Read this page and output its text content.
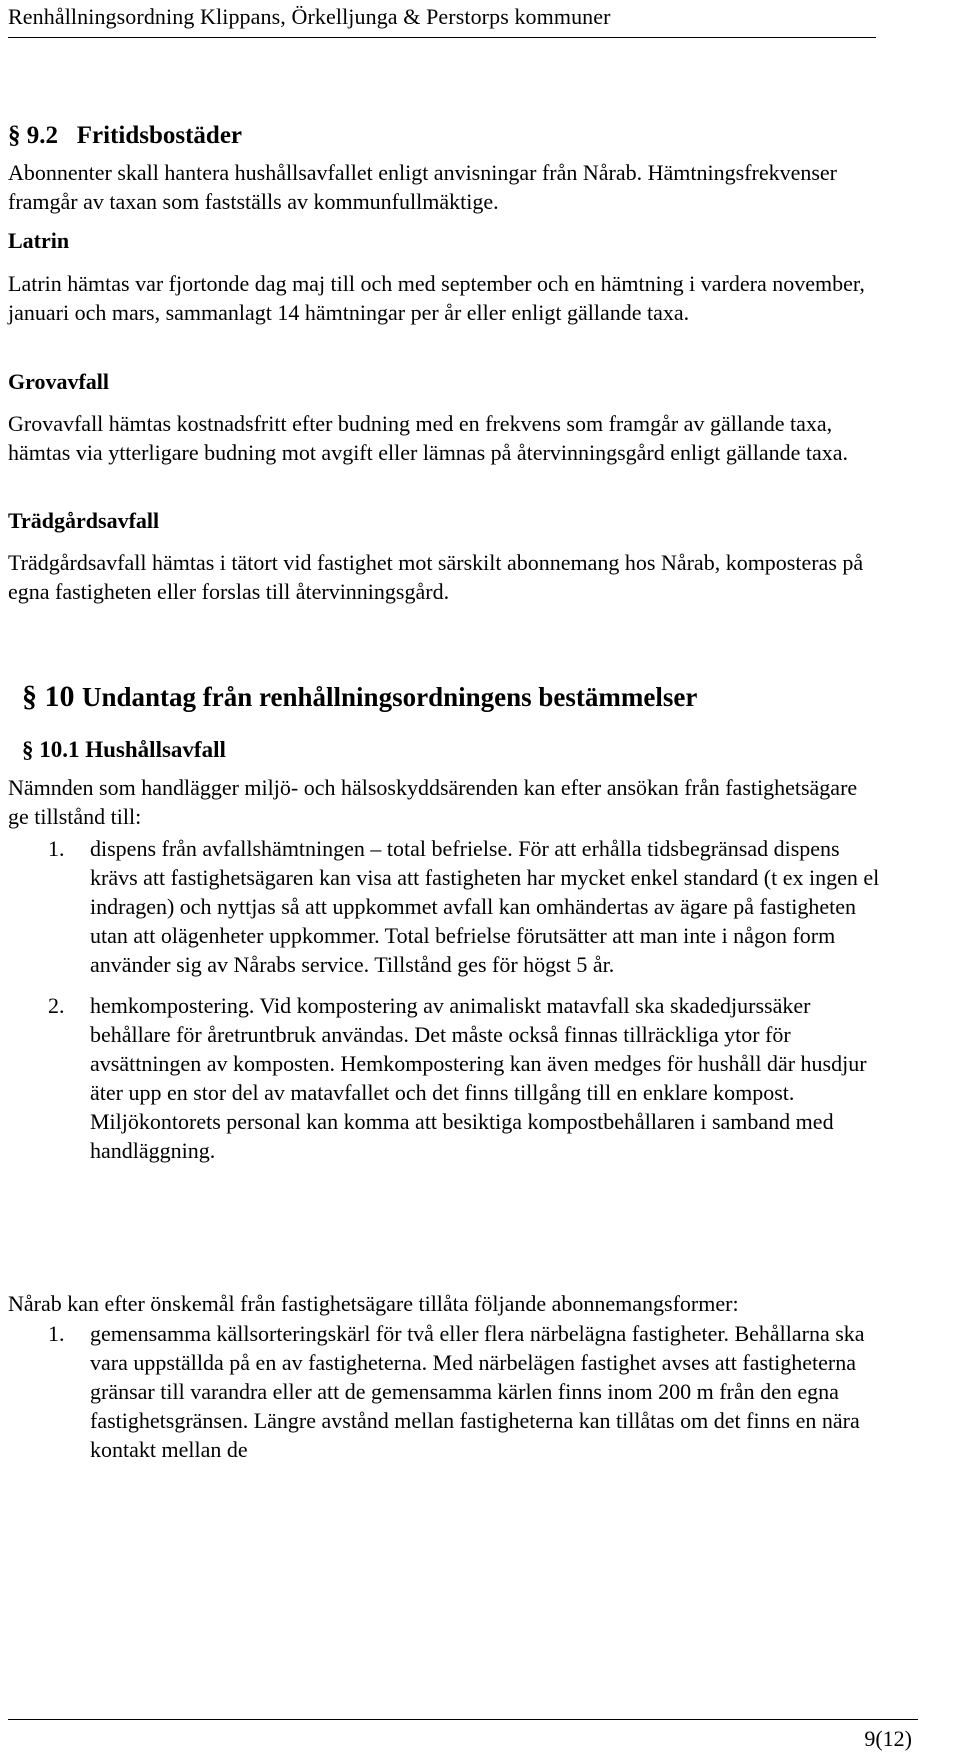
Renhållningsordning Klippans, Örkelljunga & Perstorps kommuner
§ 9.2 Fritidsbostäder
Abonnenter skall hantera hushållsavfallet enligt anvisningar från Nårab. Hämtningsfrekvenser framgår av taxan som fastställs av kommunfullmäktige.
Latrin
Latrin hämtas var fjortonde dag maj till och med september och en hämtning i vardera november, januari och mars, sammanlagt 14 hämtningar per år eller enligt gällande taxa.
Grovavfall
Grovavfall hämtas kostnadsfritt efter budning med en frekvens som framgår av gällande taxa, hämtas via ytterligare budning mot avgift eller lämnas på återvinningsgård enligt gällande taxa.
Trädgårdsavfall
Trädgårdsavfall hämtas i tätort vid fastighet mot särskilt abonnemang hos Nårab, komposteras på egna fastigheten eller forslas till återvinningsgård.
§ 10 Undantag från renhållningsordningens bestämmelser
§ 10.1 Hushållsavfall
Nämnden som handlägger miljö- och hälsoskyddsärenden kan efter ansökan från fastighetsägare ge tillstånd till:
1. dispens från avfallshämtningen – total befrielse. För att erhålla tidsbegränsad dispens krävs att fastighetsägaren kan visa att fastigheten har mycket enkel standard (t ex ingen el indragen) och nyttjas så att uppkommet avfall kan omhändertas av ägare på fastigheten utan att olägenheter uppkommer. Total befrielse förutsätter att man inte i någon form använder sig av Nårabs service. Tillstånd ges för högst 5 år.
2. hemkompostering. Vid kompostering av animaliskt matavfall ska skadedjurssäker behållare för åretruntbruk användas. Det måste också finnas tillräckliga ytor för avsättningen av komposten. Hemkompostering kan även medges för hushåll där husdjur äter upp en stor del av matavfallet och det finns tillgång till en enklare kompost. Miljökontorets personal kan komma att besiktiga kompostbehållaren i samband med handläggning.
Nårab kan efter önskemål från fastighetsägare tillåta följande abonnemangsformer:
1. gemensamma källsorteringskärl för två eller flera närbelägna fastigheter. Behållarna ska vara uppställda på en av fastigheterna. Med närbelägen fastighet avses att fastigheterna gränsar till varandra eller att de gemensamma kärlen finns inom 200 m från den egna fastighetsgränsen. Längre avstånd mellan fastigheterna kan tillåtas om det finns en nära kontakt mellan de
9(12)
